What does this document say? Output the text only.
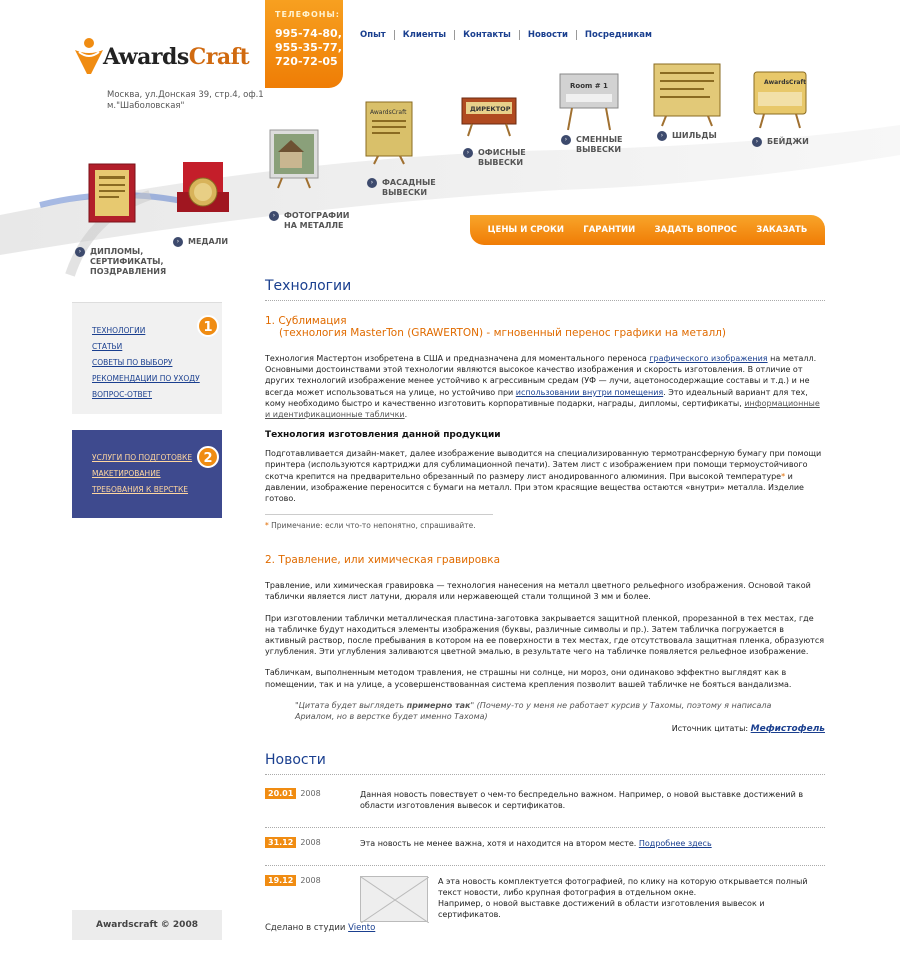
AwardsCraft
Москва, ул.Донская 39, стр.4, оф.1
м."Шаболовская"
ТЕЛЕФОНЫ:
995-74-80,
955-35-77,
720-72-05
Опыт	Клиенты	Контакты	Новости	Посредникам
AwardsCraft	ДИРЕКТОР
Room # 1	AwardsCraft
›	ДИПЛОМЫ,
СЕРТИФИКАТЫ,
ПОЗДРАВЛЕНИЯ
›	МЕДАЛИ
›	ФОТОГРАФИИ
НА МЕТАЛЛЕ
›	ФАСАДНЫЕ
ВЫВЕСКИ
›	ОФИСНЫЕ
ВЫВЕСКИ
›	СМЕННЫЕ
ВЫВЕСКИ
›	ШИЛЬДЫ
›	БЕЙДЖИ
ЦЕНЫ И СРОКИ ГАРАНТИИ ЗАДАТЬ ВОПРОС ЗАКАЗАТЬ
1
ТЕХНОЛОГИИ
СТАТЬИ
СОВЕТЫ ПО ВЫБОРУ
РЕКОМЕНДАЦИИ ПО УХОДУ
ВОПРОС-ОТВЕТ
2
УСЛУГИ ПО ПОДГОТОВКЕ
МАКЕТИРОВАНИЕ
ТРЕБОВАНИЯ К ВЕРСТКЕ
Технологии
1. Сублимация
(технология MasterTon (GRAWERTON) - мгновенный перенос графики на металл)

Технология Мастертон изобретена в США и предназначена для моментального переноса графического изображения на металл. Основными достоинствами этой технологии являются высокое качество изображения и скорость изготовления. В отличие от других технологий изображение менее устойчиво к агрессивным средам (УФ — лучи, ацетоносодержащие составы и т.д.) и не всегда может использоваться на улице, но устойчиво при использовании внутри помещения. Это идеальный вариант для тех, кому необходимо быстро и качественно изготовить корпоративные подарки, награды, дипломы, сертификаты, информационные и идентификационные таблички.

Технология изготовления данной продукции

Подготавливается дизайн-макет, далее изображение выводится на специализированную термотрансферную бумагу при помощи принтера (используются картриджи для сублимационной печати). Затем лист с изображением при помощи термоустойчивого скотча крепится на предварительно обрезанный по размеру лист анодированного алюминия. При высокой температуре* и давлении, изображение переносится с бумаги на металл. При этом красящие вещества остаются «внутри» металла. Изделие готово.

* Примечание: если что-то непонятно, спрашивайте.
2. Травление, или химическая гравировка

Травление, или химическая гравировка — технология нанесения на металл цветного рельефного изображения. Основой такой таблички является лист латуни, дюраля или нержавеющей стали толщиной 3 мм и более.

При изготовлении таблички металлическая пластина-заготовка закрывается защитной пленкой, прорезанной в тех местах, где на табличке будут находиться элементы изображения (буквы, различные символы и пр.). Затем табличка погружается в активный раствор, после пребывания в котором на ее поверхности в тех местах, где отсутствовала защитная пленка, образуются углубления. Эти углубления заливаются цветной эмалью, в результате чего на табличке появляется рельефное изображение.

Табличкам, выполненным методом травления, не страшны ни солнце, ни мороз, они одинаково эффектно выглядят как в помещении, так и на улице, а усовершенствованная система крепления позволит вашей табличке не бояться вандализма.

"Цитата будет выглядеть примерно так" (Почему-то у меня не работает курсив у Тахомы, поэтому я написала Ариалом, но в верстке будет именно Тахома)
Источник цитаты: Мефистофель
Новости
20.01 2008	Данная новость повествует о чем-то беспредельно важном. Например, о новой выставке достижений в области изготовления вывесок и сертификатов.
31.12 2008	Эта новость не менее важна, хотя и находится на втором месте. Подробнее здесь
19.12 2008	А эта новость комплектуется фотографией, по клику на которую открывается полный текст новости, либо крупная фотография в отдельном окне.
Например, о новой выставке достижений в области изготовления вывесок и сертификатов.
Awardscraft © 2008	Сделано в студии Viento
